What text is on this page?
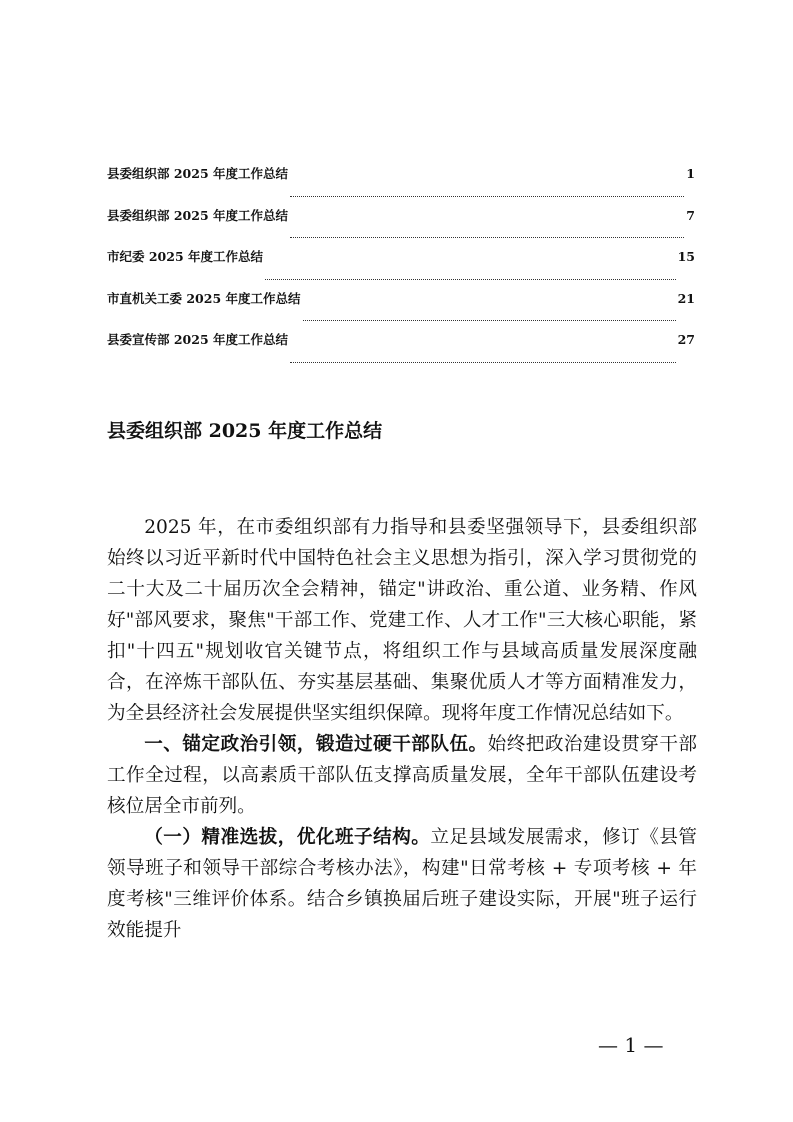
县委组织部 2025 年度工作总结	1
县委组织部 2025 年度工作总结	7
市纪委 2025 年度工作总结	15
市直机关工委 2025 年度工作总结	21
县委宣传部 2025 年度工作总结	27
县委组织部 2025 年度工作总结

2025 年，在市委组织部有力指导和县委坚强领导下，县委组织部始终以习近平新时代中国特色社会主义思想为指引，深入学习贯彻党的二十大及二十届历次全会精神，锚定"讲政治、重公道、业务精、作风好"部风要求，聚焦"干部工作、党建工作、人才工作"三大核心职能，紧扣"十四五"规划收官关键节点，将组织工作与县域高质量发展深度融合，在淬炼干部队伍、夯实基层基础、集聚优质人才等方面精准发力，为全县经济社会发展提供坚实组织保障。现将年度工作情况总结如下。

一、锚定政治引领，锻造过硬干部队伍。始终把政治建设贯穿干部工作全过程，以高素质干部队伍支撑高质量发展，全年干部队伍建设考核位居全市前列。

（一）精准选拔，优化班子结构。立足县域发展需求，修订《县管领导班子和领导干部综合考核办法》，构建"日常考核 + 专项考核 + 年度考核"三维评价体系。结合乡镇换届后班子建设实际，开展"班子运行效能提升

— 1 —
